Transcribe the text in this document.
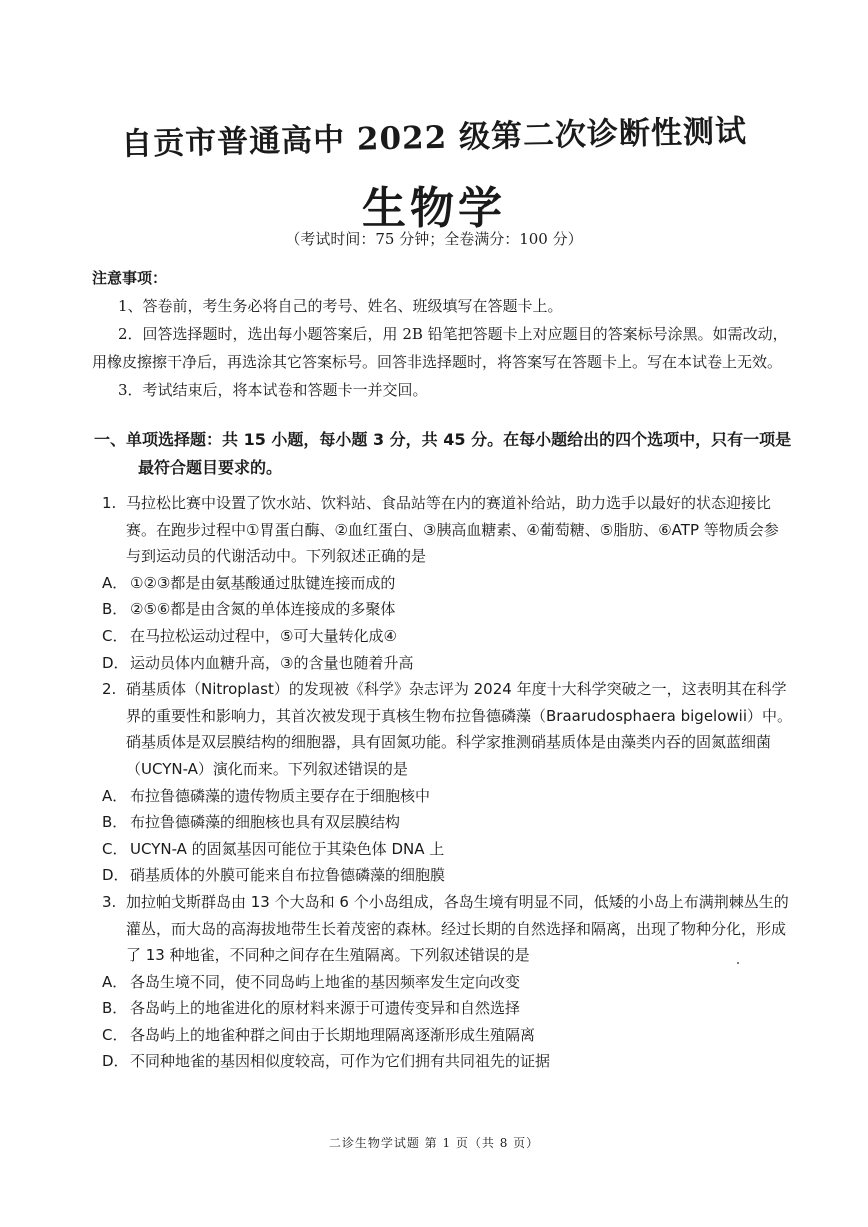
自贡市普通高中 2022 级第二次诊断性测试
生物学
（考试时间：75 分钟；全卷满分：100 分）
注意事项：
1、答卷前，考生务必将自己的考号、姓名、班级填写在答题卡上。
2．回答选择题时，选出每小题答案后，用 2B 铅笔把答题卡上对应题目的答案标号涂黑。如需改动，用橡皮擦擦干净后，再选涂其它答案标号。回答非选择题时，将答案写在答题卡上。写在本试卷上无效。
3．考试结束后，将本试卷和答题卡一并交回。
一、单项选择题：共 15 小题，每小题 3 分，共 45 分。在每小题给出的四个选项中，只有一项是
最符合题目要求的。
1. 马拉松比赛中设置了饮水站、饮料站、食品站等在内的赛道补给站，助力选手以最好的状态迎接比赛。在跑步过程中①胃蛋白酶、②血红蛋白、③胰高血糖素、④葡萄糖、⑤脂肪、⑥ATP 等物质会参与到运动员的代谢活动中。下列叙述正确的是
A． ①②③都是由氨基酸通过肽键连接而成的
B． ②⑤⑥都是由含氮的单体连接成的多聚体
C． 在马拉松运动过程中，⑤可大量转化成④
D．运动员体内血糖升高，③的含量也随着升高
2. 硝基质体（Nitroplast）的发现被《科学》杂志评为 2024 年度十大科学突破之一，这表明其在科学界的重要性和影响力，其首次被发现于真核生物布拉鲁德磷藻（Braarudosphaera bigelowii）中。硝基质体是双层膜结构的细胞器，具有固氮功能。科学家推测硝基质体是由藻类内吞的固氮蓝细菌（UCYN-A）演化而来。下列叙述错误的是
A． 布拉鲁德磷藻的遗传物质主要存在于细胞核中
B． 布拉鲁德磷藻的细胞核也具有双层膜结构
C． UCYN-A 的固氮基因可能位于其染色体 DNA 上
D．硝基质体的外膜可能来自布拉鲁德磷藻的细胞膜
3. 加拉帕戈斯群岛由 13 个大岛和 6 个小岛组成，各岛生境有明显不同，低矮的小岛上布满荆棘丛生的灌丛，而大岛的高海拔地带生长着茂密的森林。经过长期的自然选择和隔离，出现了物种分化，形成了 13 种地雀，不同种之间存在生殖隔离。下列叙述错误的是
A． 各岛生境不同，使不同岛屿上地雀的基因频率发生定向改变
B． 各岛屿上的地雀进化的原材料来源于可遗传变异和自然选择
C． 各岛屿上的地雀种群之间由于长期地理隔离逐渐形成生殖隔离
D．不同种地雀的基因相似度较高，可作为它们拥有共同祖先的证据
二诊生物学试题 第 1 页（共 8 页）
